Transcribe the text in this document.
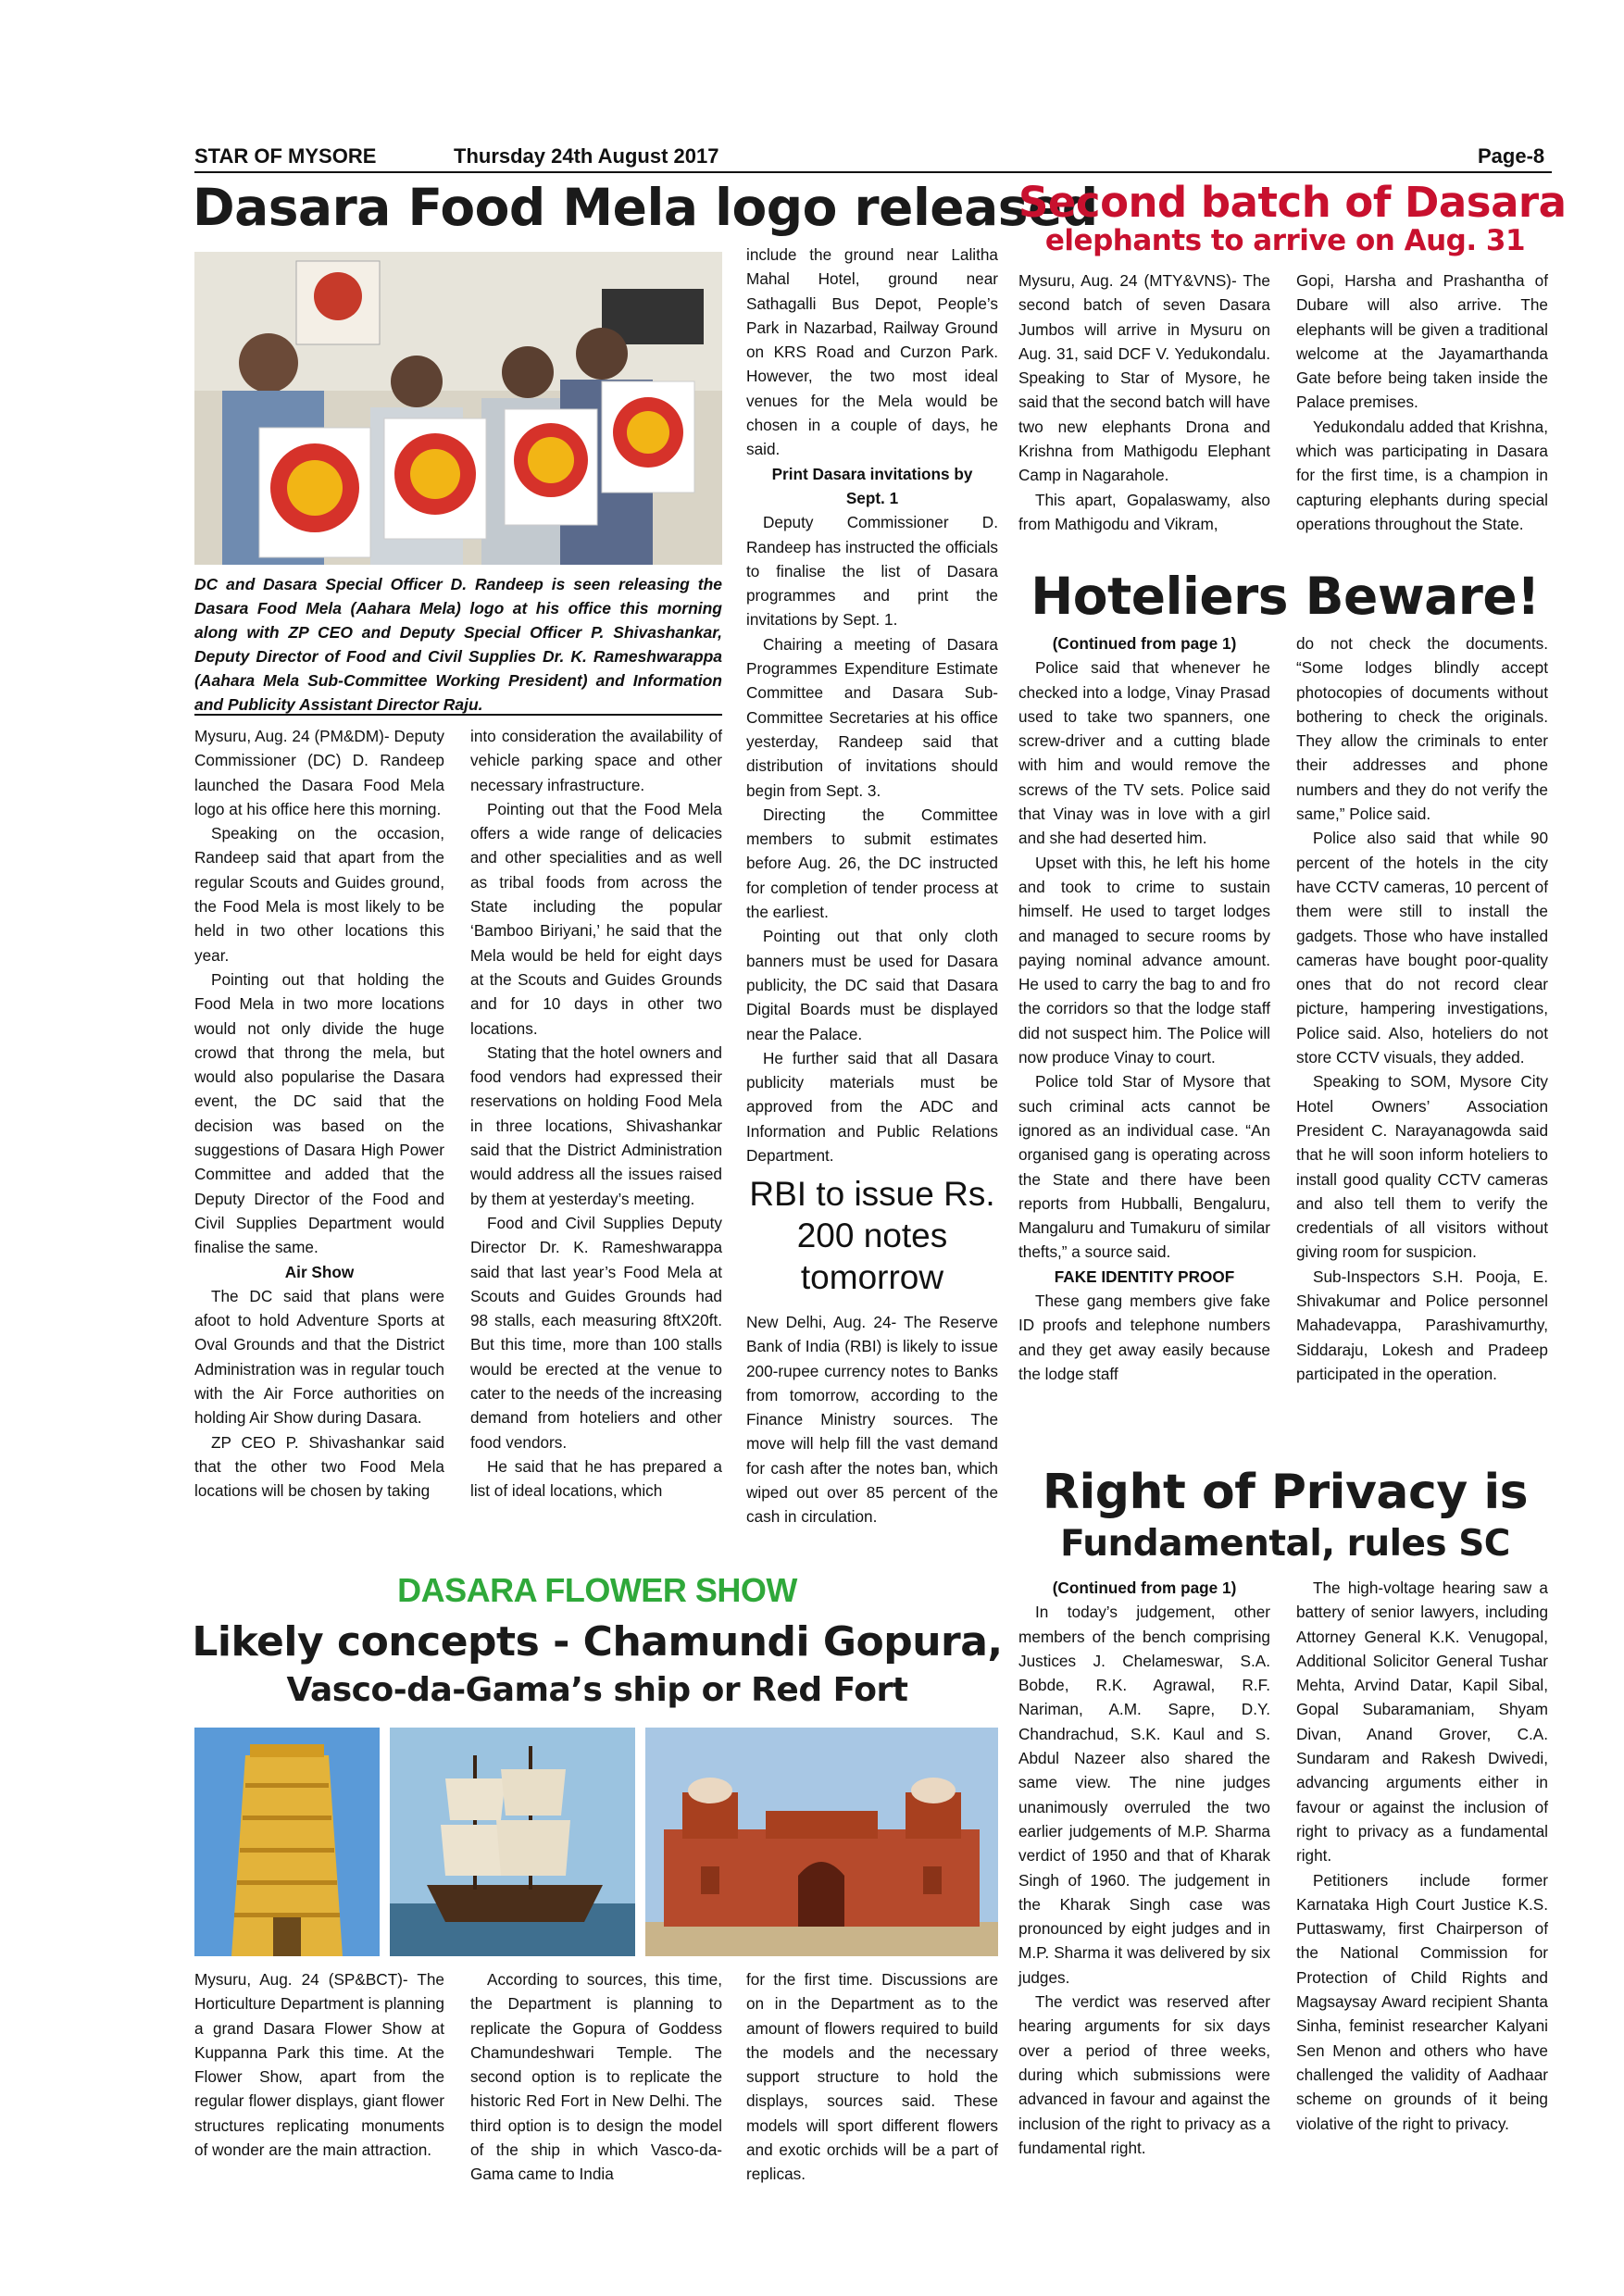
STAR OF MYSORE	Thursday 24th August 2017	Page-8
Dasara Food Mela logo released
DC and Dasara Special Officer D. Randeep is seen releasing the Dasara Food Mela (Aahara Mela) logo at his office this morning along with ZP CEO and Deputy Special Officer P. Shivashankar, Deputy Director of Food and Civil Supplies Dr. K. Rameshwarappa (Aahara Mela Sub-Committee Working President) and Information and Publicity Assistant Director Raju.

Mysuru, Aug. 24 (PM&DM)- Deputy Commissioner (DC) D. Randeep launched the Dasara Food Mela logo at his office here this morning.

Speaking on the occasion, Randeep said that apart from the regular Scouts and Guides ground, the Food Mela is most likely to be held in two other locations this year.

Pointing out that holding the Food Mela in two more locations would not only divide the huge crowd that throng the mela, but would also popularise the Dasara event, the DC said that the decision was based on the suggestions of Dasara High Power Committee and added that the Deputy Director of the Food and Civil Supplies Department would finalise the same.

Air Show

The DC said that plans were afoot to hold Adventure Sports at Oval Grounds and that the District Administration was in regular touch with the Air Force authorities on holding Air Show during Dasara.

ZP CEO P. Shivashankar said that the other two Food Mela locations will be chosen by taking

into consideration the availability of vehicle parking space and other necessary infrastructure.

Pointing out that the Food Mela offers a wide range of delicacies and other specialities and as well as tribal foods from across the State including the popular ‘Bamboo Biriyani,’ he said that the Mela would be held for eight days at the Scouts and Guides Grounds and for 10 days in other two locations.

Stating that the hotel owners and food vendors had expressed their reservations on holding Food Mela in three locations, Shivashankar said that the District Administration would address all the issues raised by them at yesterday’s meeting.

Food and Civil Supplies Deputy Director Dr. K. Rameshwarappa said that last year’s Food Mela at Scouts and Guides Grounds had 98 stalls, each measuring 8ftX20ft. But this time, more than 100 stalls would be erected at the venue to cater to the needs of the increasing demand from hoteliers and other food vendors.

He said that he has prepared a list of ideal locations, which

include the ground near Lalitha Mahal Hotel, ground near Sathagalli Bus Depot, People’s Park in Nazarbad, Railway Ground on KRS Road and Curzon Park. However, the two most ideal venues for the Mela would be chosen in a couple of days, he said.

Print Dasara invitations by Sept. 1

Deputy Commissioner D. Randeep has instructed the officials to finalise the list of Dasara programmes and print the invitations by Sept. 1.

Chairing a meeting of Dasara Programmes Expenditure Estimate Committee and Dasara Sub-Committee Secretaries at his office yesterday, Randeep said that distribution of invitations should begin from Sept. 3.

Directing the Committee members to submit estimates before Aug. 26, the DC instructed for completion of tender process at the earliest.

Pointing out that only cloth banners must be used for Dasara publicity, the DC said that Dasara Digital Boards must be displayed near the Palace.

He further said that all Dasara publicity materials must be approved from the ADC and Information and Public Relations Department.

RBI to issue Rs. 200 notes tomorrow

New Delhi, Aug. 24- The Reserve Bank of India (RBI) is likely to issue 200-rupee currency notes to Banks from tomorrow, according to the Finance Ministry sources. The move will help fill the vast demand for cash after the notes ban, which wiped out over 85 percent of the cash in circulation.

Second batch of Dasara
elephants to arrive on Aug. 31

Mysuru, Aug. 24 (MTY&VNS)- The second batch of seven Dasara Jumbos will arrive in Mysuru on Aug. 31, said DCF V. Yedukondalu. Speaking to Star of Mysore, he said that the second batch will have two new elephants Drona and Krishna from Mathigodu Elephant Camp in Nagarahole.

This apart, Gopalaswamy, also from Mathigodu and Vikram,

Gopi, Harsha and Prashantha of Dubare will also arrive. The elephants will be given a traditional welcome at the Jayamarthanda Gate before being taken inside the Palace premises.

Yedukondalu added that Krishna, which was participating in Dasara for the first time, is a champion in capturing elephants during special operations throughout the State.

Hoteliers Beware!

(Continued from page 1)

Police said that whenever he checked into a lodge, Vinay Prasad used to take two spanners, one screw-driver and a cutting blade with him and would remove the screws of the TV sets. Police said that Vinay was in love with a girl and she had deserted him.

Upset with this, he left his home and took to crime to sustain himself. He used to target lodges and managed to secure rooms by paying nominal advance amount. He used to carry the bag to and fro the corridors so that the lodge staff did not suspect him. The Police will now produce Vinay to court.

Police told Star of Mysore that such criminal acts cannot be ignored as an individual case. “An organised gang is operating across the State and there have been reports from Hubballi, Bengaluru, Mangaluru and Tumakuru of similar thefts,” a source said.

FAKE IDENTITY PROOF

These gang members give fake ID proofs and telephone numbers and they get away easily because the lodge staff

do not check the documents. “Some lodges blindly accept photocopies of documents without bothering to check the originals. They allow the criminals to enter their addresses and phone numbers and they do not verify the same,” Police said.

Police also said that while 90 percent of the hotels in the city have CCTV cameras, 10 percent of them were still to install the gadgets. Those who have installed cameras have bought poor-quality ones that do not record clear picture, hampering investigations, Police said. Also, hoteliers do not store CCTV visuals, they added.

Speaking to SOM, Mysore City Hotel Owners’ Association President C. Narayanagowda said that he will soon inform hoteliers to install good quality CCTV cameras and also tell them to verify the credentials of all visitors without giving room for suspicion.

Sub-Inspectors S.H. Pooja, E. Shivakumar and Police personnel Mahadevappa, Parashivamurthy, Siddaraju, Lokesh and Pradeep participated in the operation.

Right of Privacy is
Fundamental, rules SC

(Continued from page 1)

In today’s judgement, other members of the bench comprising Justices J. Chelameswar, S.A. Bobde, R.K. Agrawal, R.F. Nariman, A.M. Sapre, D.Y. Chandrachud, S.K. Kaul and S. Abdul Nazeer also shared the same view. The nine judges unanimously overruled the two earlier judgements of M.P. Sharma verdict of 1950 and that of Kharak Singh of 1960. The judgement in the Kharak Singh case was pronounced by eight judges and in M.P. Sharma it was delivered by six judges.

The verdict was reserved after hearing arguments for six days over a period of three weeks, during which submissions were advanced in favour and against the inclusion of the right to privacy as a fundamental right.

The high-voltage hearing saw a battery of senior lawyers, including Attorney General K.K. Venugopal, Additional Solicitor General Tushar Mehta, Arvind Datar, Kapil Sibal, Gopal Subaramaniam, Shyam Divan, Anand Grover, C.A. Sundaram and Rakesh Dwivedi, advancing arguments either in favour or against the inclusion of right to privacy as a fundamental right.

Petitioners include former Karnataka High Court Justice K.S. Puttaswamy, first Chairperson of the National Commission for Protection of Child Rights and Magsaysay Award recipient Shanta Sinha, feminist researcher Kalyani Sen Menon and others who have challenged the validity of Aadhaar scheme on grounds of it being violative of the right to privacy.

DASARA FLOWER SHOW
Likely concepts - Chamundi Gopura,
Vasco-da-Gama’s ship or Red Fort

Mysuru, Aug. 24 (SP&BCT)- The Horticulture Department is planning a grand Dasara Flower Show at Kuppanna Park this time. At the Flower Show, apart from the regular flower displays, giant flower structures replicating monuments of wonder are the main attraction.

According to sources, this time, the Department is planning to replicate the Gopura of Goddess Chamundeshwari Temple. The second option is to replicate the historic Red Fort in New Delhi. The third option is to design the model of the ship in which Vasco-da-Gama came to India

for the first time. Discussions are on in the Department as to the amount of flowers required to build the models and the necessary support structure to hold the displays, sources said. These models will sport different flowers and exotic orchids will be a part of replicas.
